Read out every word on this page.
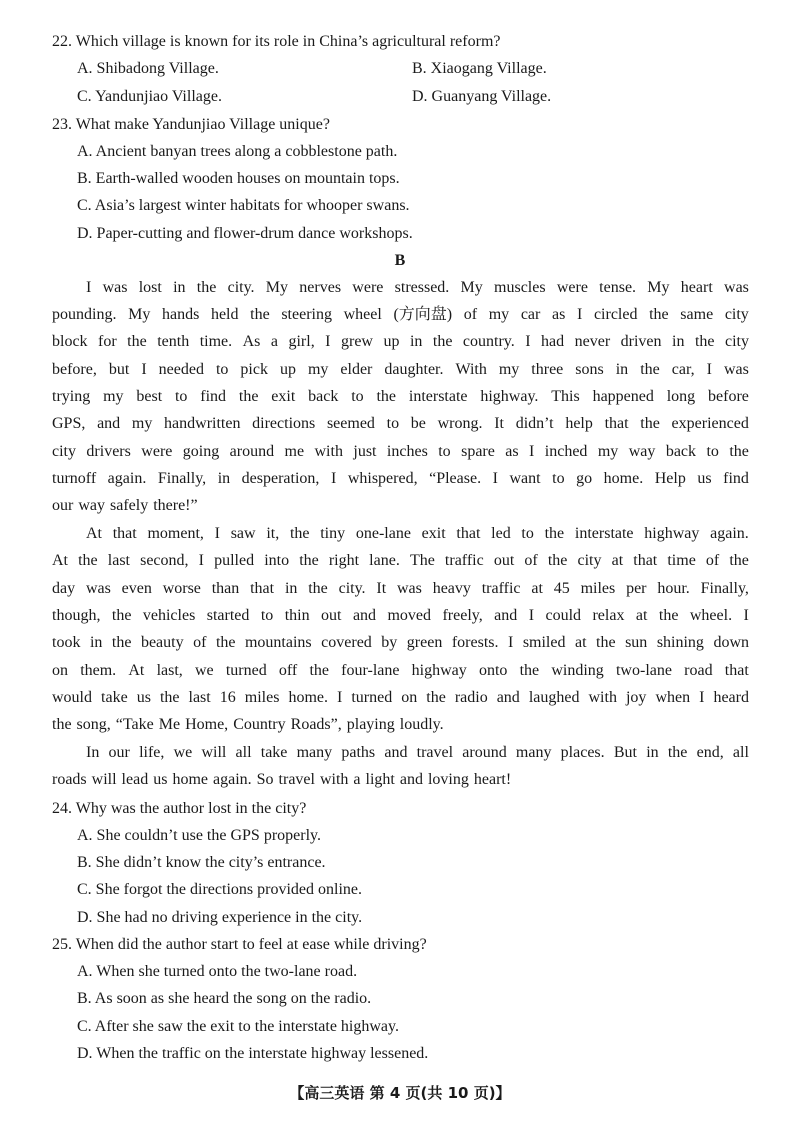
22. Which village is known for its role in China’s agricultural reform?
A. Shibadong Village.	B. Xiaogang Village.
C. Yandunjiao Village.	D. Guanyang Village.
23. What make Yandunjiao Village unique?
A. Ancient banyan trees along a cobblestone path.
B. Earth-walled wooden houses on mountain tops.
C. Asia’s largest winter habitats for whooper swans.
D. Paper-cutting and flower-drum dance workshops.
B
I was lost in the city. My nerves were stressed. My muscles were tense. My heart was
pounding. My hands held the steering wheel (方向盘) of my car as I circled the same city
block for the tenth time. As a girl, I grew up in the country. I had never driven in the city
before, but I needed to pick up my elder daughter. With my three sons in the car, I was
trying my best to find the exit back to the interstate highway. This happened long before
GPS, and my handwritten directions seemed to be wrong. It didn’t help that the experienced
city drivers were going around me with just inches to spare as I inched my way back to the
turnoff again. Finally, in desperation, I whispered, “Please. I want to go home. Help us find
our way safely there!”
At that moment, I saw it, the tiny one-lane exit that led to the interstate highway again.
At the last second, I pulled into the right lane. The traffic out of the city at that time of the
day was even worse than that in the city. It was heavy traffic at 45 miles per hour. Finally,
though, the vehicles started to thin out and moved freely, and I could relax at the wheel. I
took in the beauty of the mountains covered by green forests. I smiled at the sun shining down
on them. At last, we turned off the four-lane highway onto the winding two-lane road that
would take us the last 16 miles home. I turned on the radio and laughed with joy when I heard
the song, “Take Me Home, Country Roads”, playing loudly.
In our life, we will all take many paths and travel around many places. But in the end, all
roads will lead us home again. So travel with a light and loving heart!
24. Why was the author lost in the city?
A. She couldn’t use the GPS properly.
B. She didn’t know the city’s entrance.
C. She forgot the directions provided online.
D. She had no driving experience in the city.
25. When did the author start to feel at ease while driving?
A. When she turned onto the two-lane road.
B. As soon as she heard the song on the radio.
C. After she saw the exit to the interstate highway.
D. When the traffic on the interstate highway lessened.
【高三英语 第 4 页(共 10 页)】
